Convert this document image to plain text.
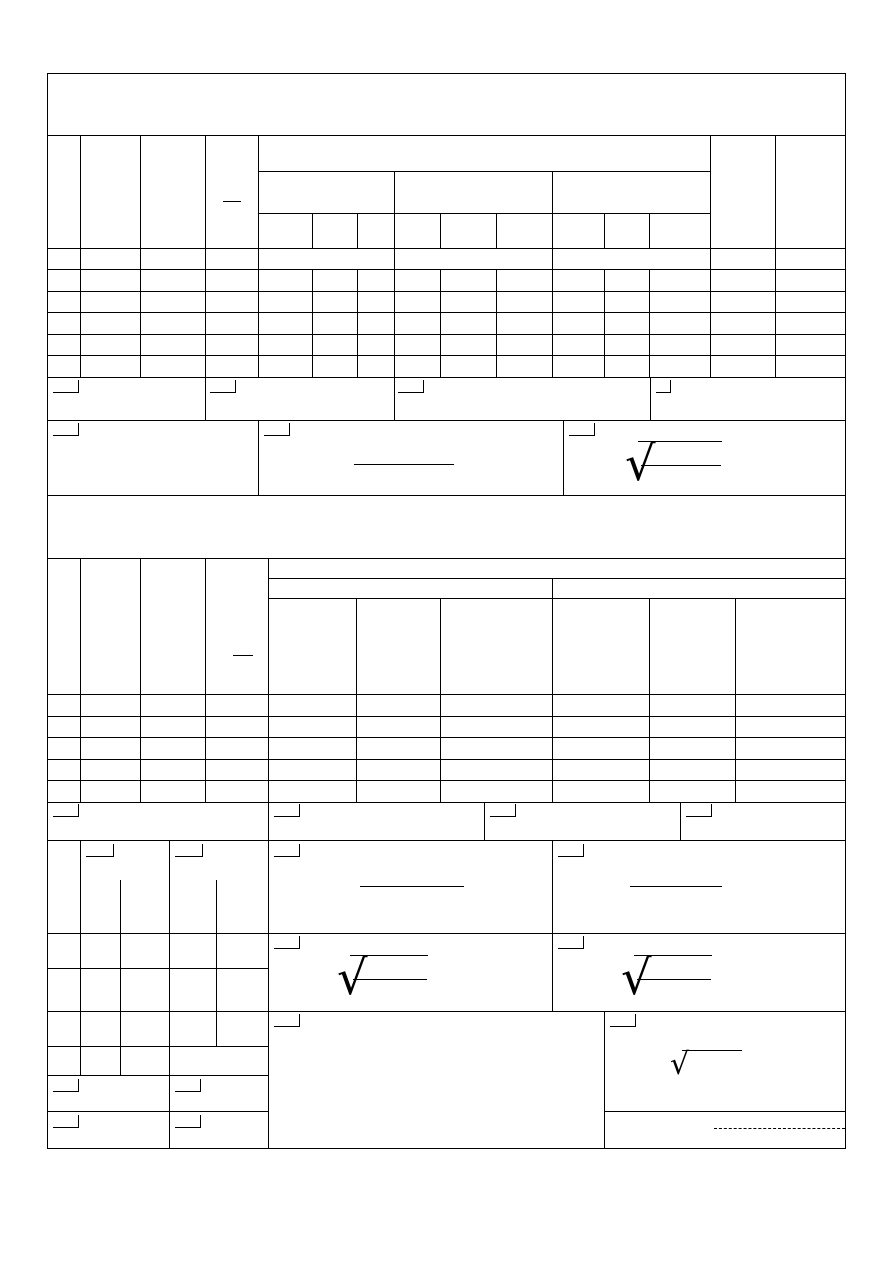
√
√	√
√
